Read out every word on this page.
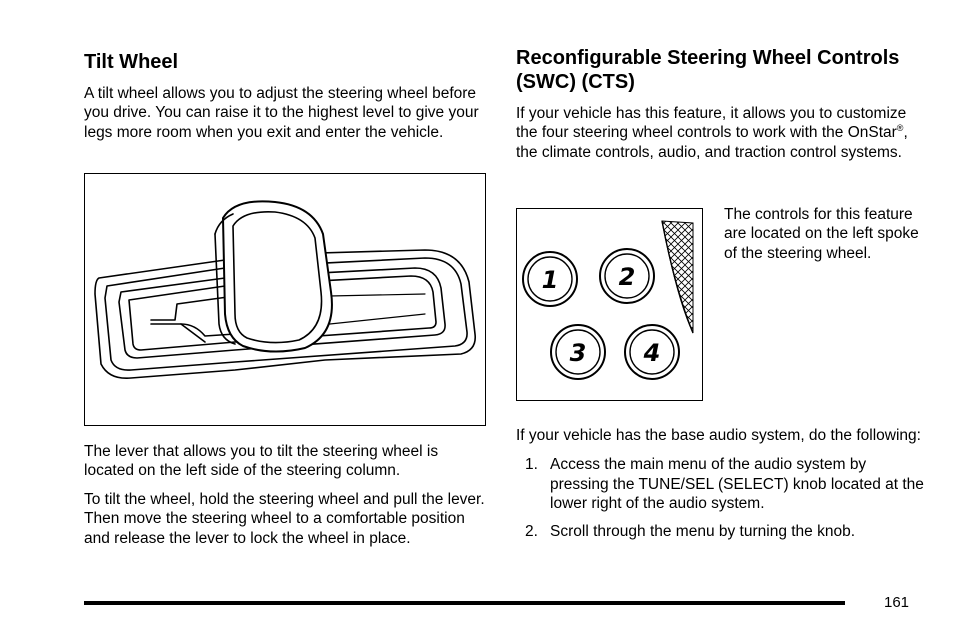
Tilt Wheel

A tilt wheel allows you to adjust the steering wheel before you drive. You can raise it to the highest level to give your legs more room when you exit and enter the vehicle.

The lever that allows you to tilt the steering wheel is located on the left side of the steering column.

To tilt the wheel, hold the steering wheel and pull the lever. Then move the steering wheel to a comfortable position and release the lever to lock the wheel in place.

Reconfigurable Steering Wheel Controls (SWC) (CTS)

If your vehicle has this feature, it allows you to customize the four steering wheel controls to work with the OnStar®, the climate controls, audio, and traction control systems.

1	2
3 4

The controls for this feature are located on the left spoke of the steering wheel.

If your vehicle has the base audio system, do the following:

1. Access the main menu of the audio system by pressing the TUNE/SEL (SELECT) knob located at the lower right of the audio system.
2. Scroll through the menu by turning the knob.
161
